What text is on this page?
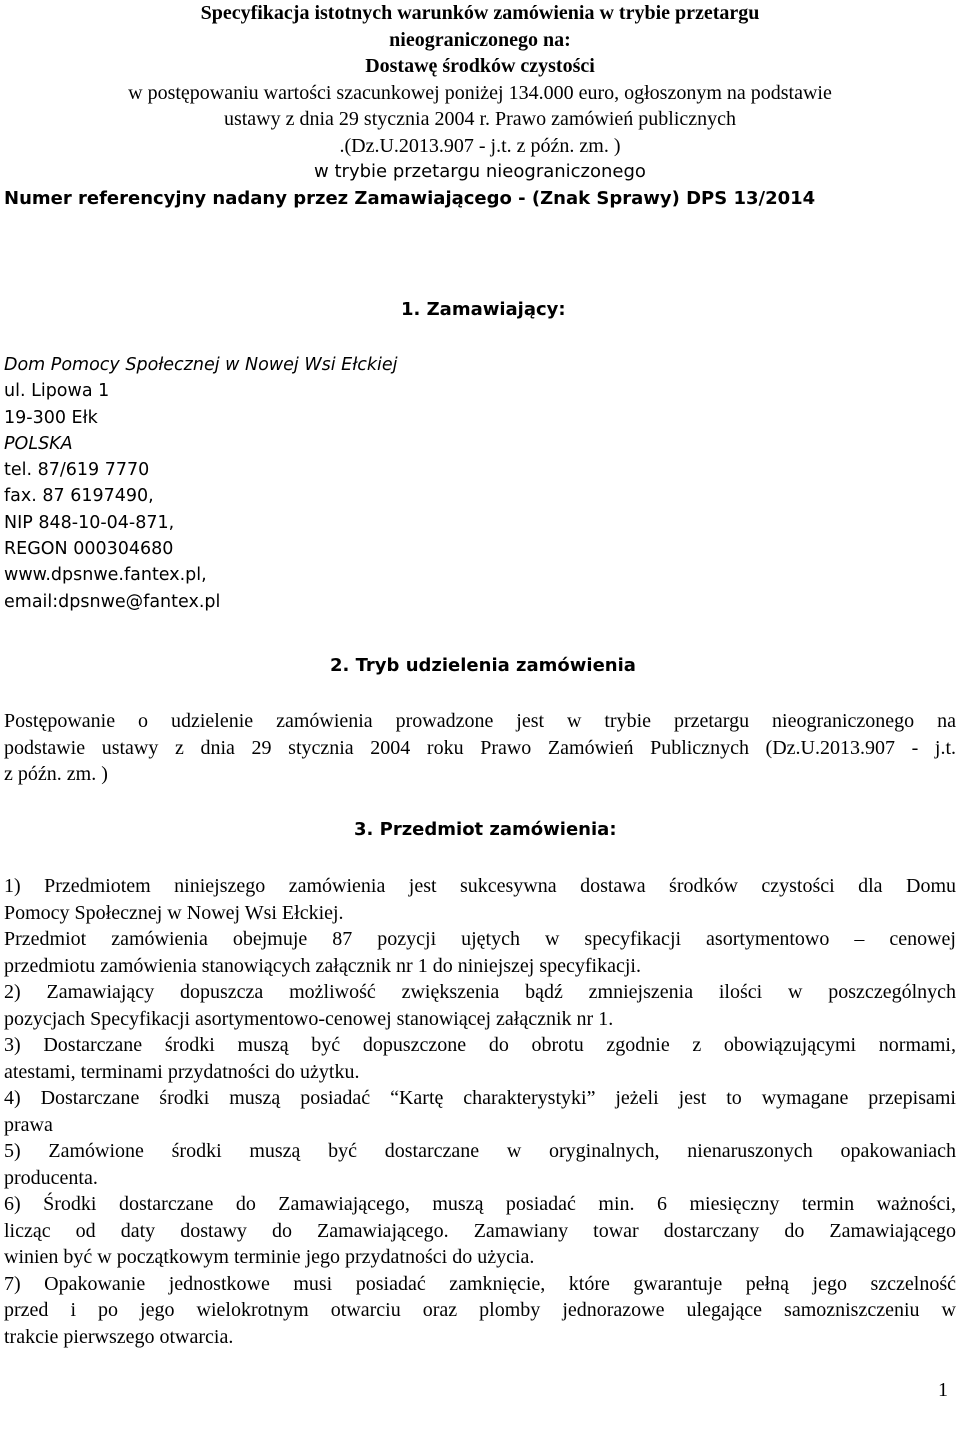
Specyfikacja istotnych warunków zamówienia w trybie przetargu
nieograniczonego na:
Dostawę środków czystości
w postępowaniu wartości szacunkowej poniżej 134.000 euro, ogłoszonym na podstawie
ustawy z dnia 29 stycznia 2004 r. Prawo zamówień publicznych
.(Dz.U.2013.907 - j.t. z późn. zm. )
w trybie przetargu nieograniczonego
Numer referencyjny nadany przez Zamawiającego - (Znak Sprawy) DPS 13/2014
1. Zamawiający:
Dom Pomocy Społecznej w Nowej Wsi Ełckiej
ul. Lipowa 1
19-300 Ełk
POLSKA
tel. 87/619 7770
fax. 87 6197490,
NIP 848-10-04-871,
REGON 000304680
www.dpsnwe.fantex.pl,
email:dpsnwe@fantex.pl
2. Tryb udzielenia zamówienia
Postępowanie o udzielenie zamówienia prowadzone jest w trybie przetargu nieograniczonego na
podstawie ustawy z dnia 29 stycznia 2004 roku Prawo Zamówień Publicznych (Dz.U.2013.907 - j.t.
z późn. zm. )
3. Przedmiot zamówienia:
1) Przedmiotem niniejszego zamówienia jest sukcesywna dostawa środków czystości dla Domu
Pomocy Społecznej w Nowej Wsi Ełckiej.
Przedmiot zamówienia obejmuje 87 pozycji ujętych w specyfikacji asortymentowo – cenowej
przedmiotu zamówienia stanowiących załącznik nr 1 do niniejszej specyfikacji.
2) Zamawiający dopuszcza możliwość zwiększenia bądź zmniejszenia ilości w poszczególnych
pozycjach Specyfikacji asortymentowo-cenowej stanowiącej załącznik nr 1.
3) Dostarczane środki muszą być dopuszczone do obrotu zgodnie z obowiązującymi normami,
atestami, terminami przydatności do użytku.
4) Dostarczane środki muszą posiadać “Kartę charakterystyki” jeżeli jest to wymagane przepisami
prawa
5) Zamówione środki muszą być dostarczane w oryginalnych, nienaruszonych opakowaniach
producenta.
6) Środki dostarczane do Zamawiającego, muszą posiadać min. 6 miesięczny termin ważności,
licząc od daty dostawy do Zamawiającego. Zamawiany towar dostarczany do Zamawiającego
winien być w początkowym terminie jego przydatności do użycia.
7) Opakowanie jednostkowe musi posiadać zamknięcie, które gwarantuje pełną jego szczelność
przed i po jego wielokrotnym otwarciu oraz plomby jednorazowe ulegające samozniszczeniu w
trakcie pierwszego otwarcia.
1
